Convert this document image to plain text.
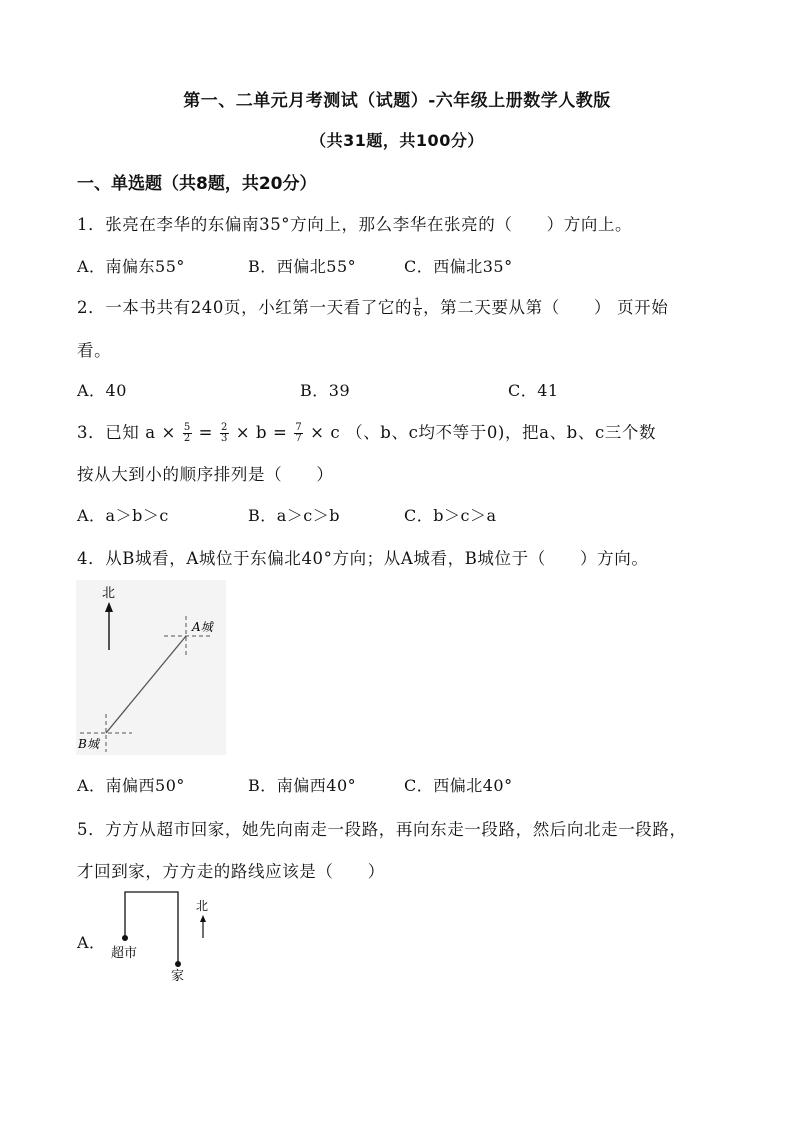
第一、二单元月考测试（试题）-六年级上册数学人教版
（共31题，共100分）
一、单选题（共8题，共20分）
1．张亮在李华的东偏南35°方向上，那么李华在张亮的（　　）方向上。
A．南偏东55°	B．西偏北55°	C．西偏北35°
2．一本书共有240页，小红第一天看了它的 $\frac{1}{6}$ ，第二天要从第（　　） 页开始
看。
A．40	B．39	C．41
3．已知 $a \times \frac{5}{2} = \frac{2}{3} \times b = \frac{7}{7} \times c$ （、b、c均不等于0)，把a、b、c三个数
按从大到小的顺序排列是（　　）
A．a＞b＞c	B．a＞c＞b	C．b＞c＞a
4．从B城看，A城位于东偏北40°方向；从A城看，B城位于（　　）方向。
北
A城
B城
A．南偏西50°	B．南偏西40°	C．西偏北40°
5．方方从超市回家，她先向南走一段路，再向东走一段路，然后向北走一段路，
才回到家，方方走的路线应该是（　　）
A．
超市
家
北
